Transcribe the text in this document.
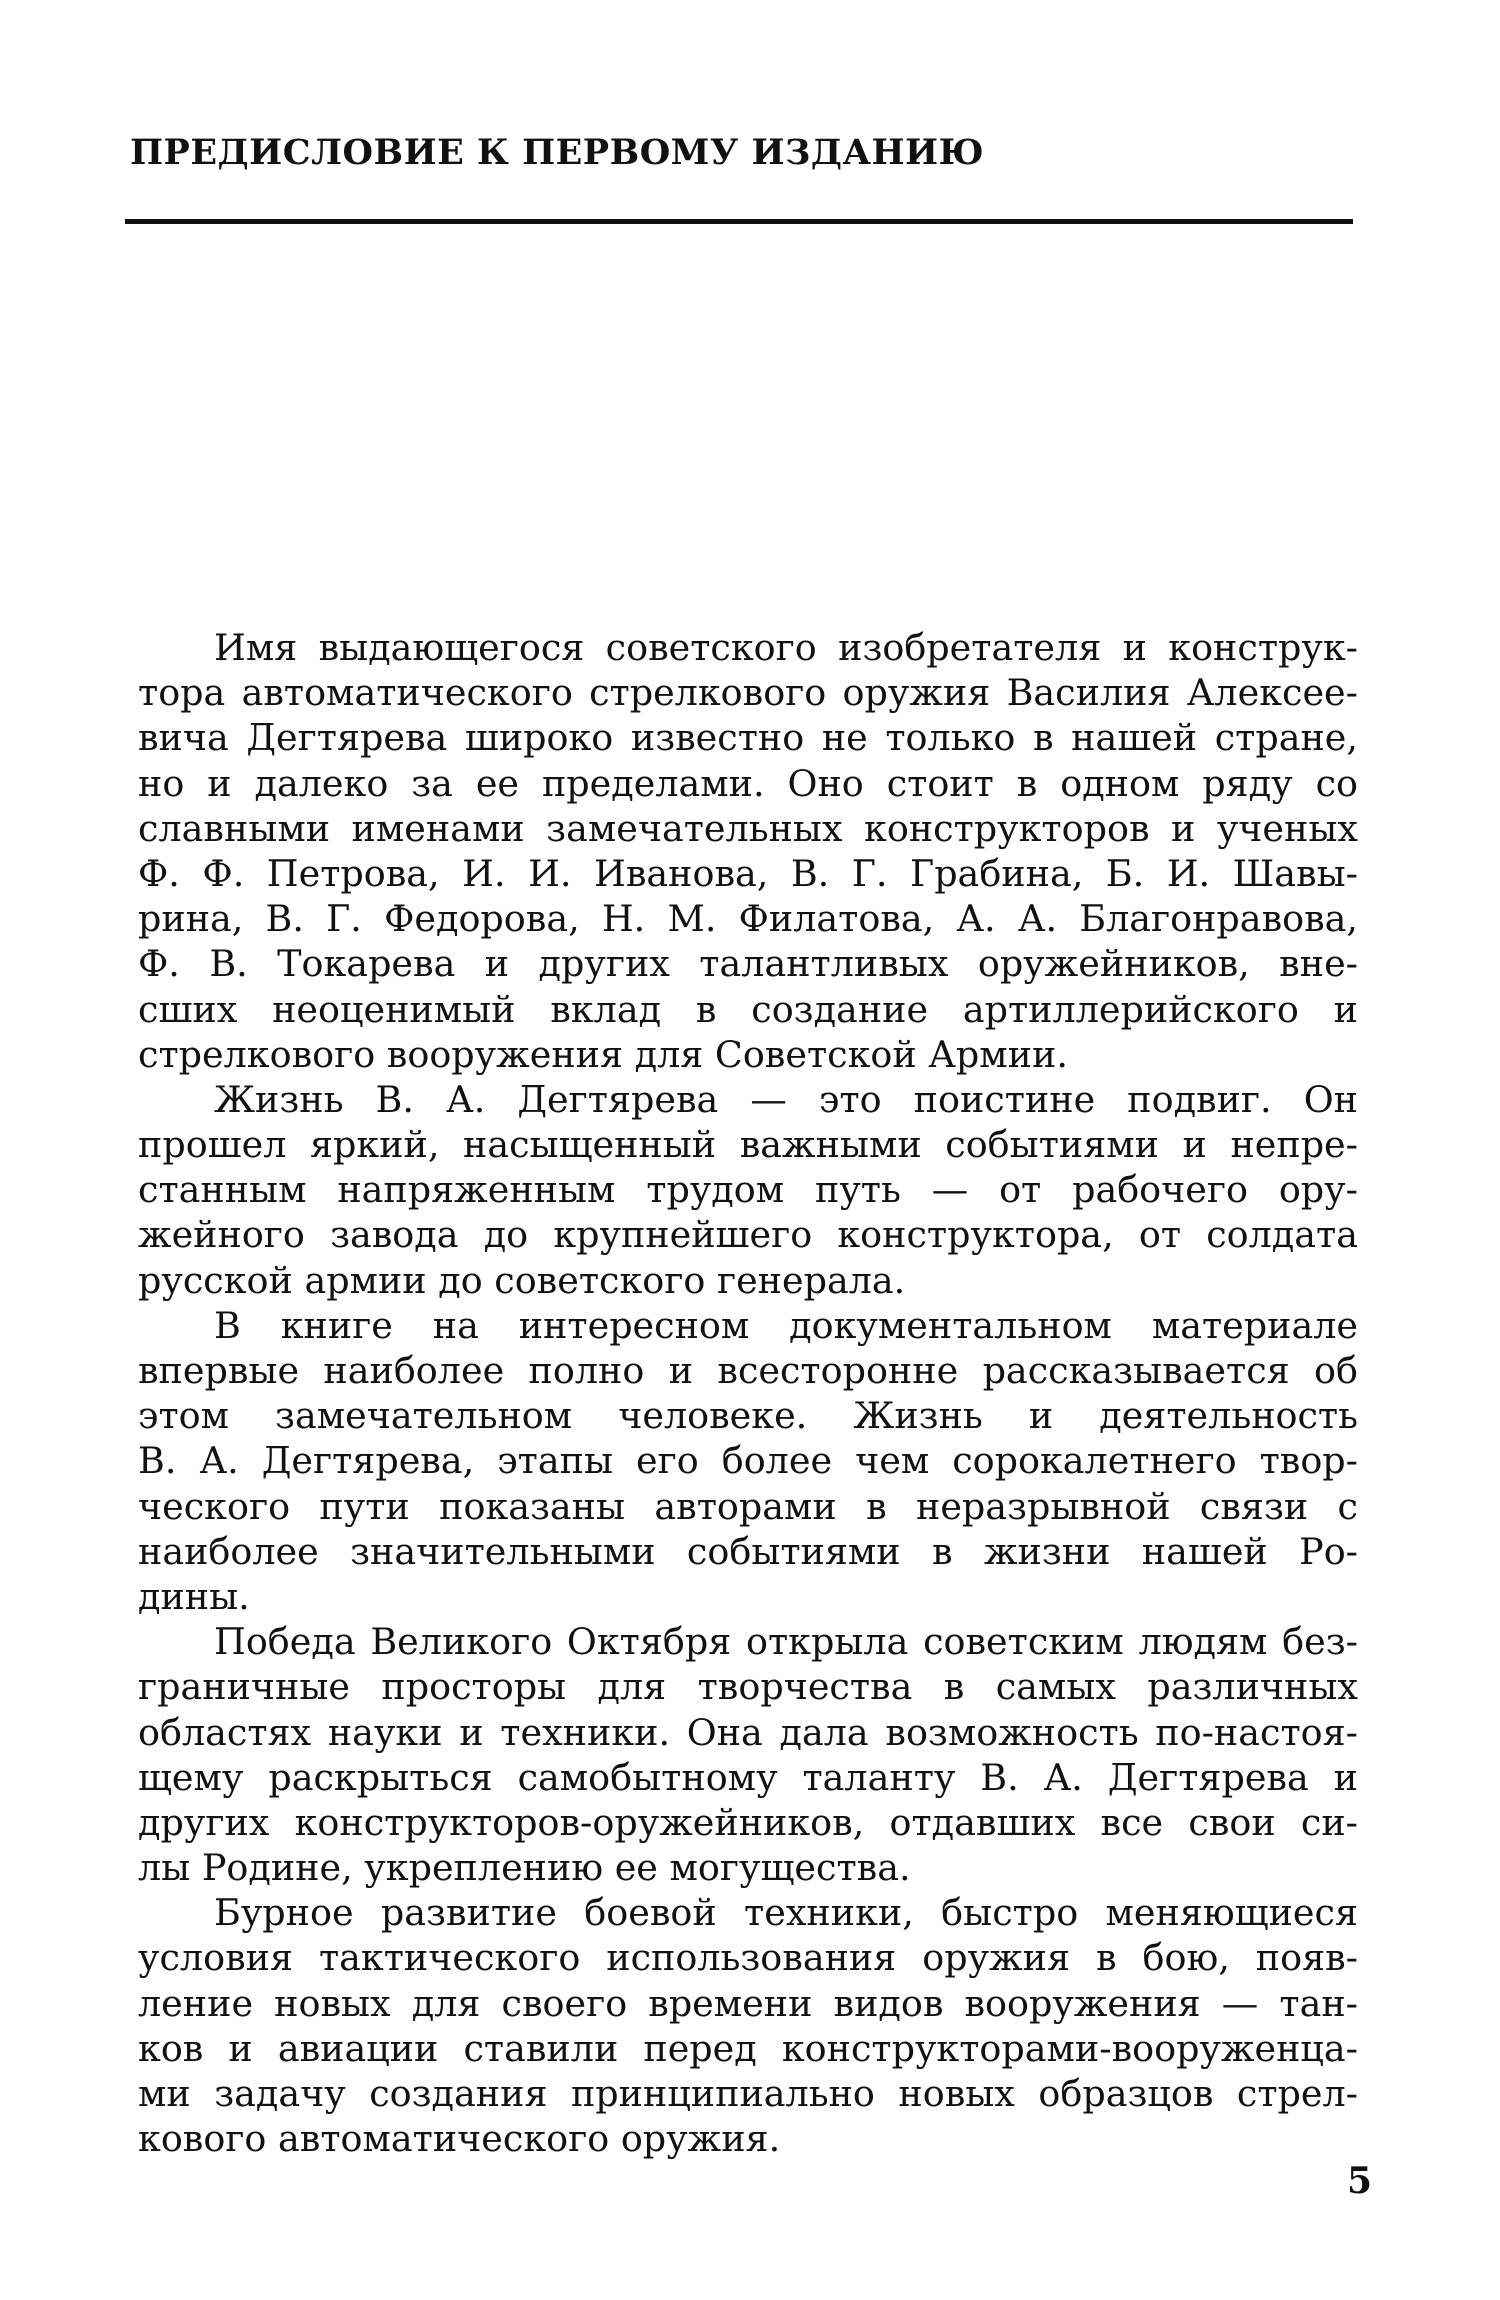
ПРЕДИСЛОВИЕ К ПЕРВОМУ ИЗДАНИЮ
Имя выдающегося советского изобретателя и конструк-
тора автоматического стрелкового оружия Василия Алексее-
вича Дегтярева широко известно не только в нашей стране,
но и далеко за ее пределами. Оно стоит в одном ряду со
славными именами замечательных конструкторов и ученых
Ф. Ф. Петрова, И. И. Иванова, В. Г. Грабина, Б. И. Шавы-
рина, В. Г. Федорова, Н. М. Филатова, А. А. Благонравова,
Ф. В. Токарева и других талантливых оружейников, вне-
сших неоценимый вклад в создание артиллерийского и
стрелкового вооружения для Советской Армии.
Жизнь В. А. Дегтярева — это поистине подвиг. Он
прошел яркий, насыщенный важными событиями и непре-
станным напряженным трудом путь — от рабочего ору-
жейного завода до крупнейшего конструктора, от солдата
русской армии до советского генерала.
В книге на интересном документальном материале
впервые наиболее полно и всесторонне рассказывается об
этом замечательном человеке. Жизнь и деятельность
В. А. Дегтярева, этапы его более чем сорокалетнего твор-
ческого пути показаны авторами в неразрывной связи с
наиболее значительными событиями в жизни нашей Ро-
дины.
Победа Великого Октября открыла советским людям без-
граничные просторы для творчества в самых различных
областях науки и техники. Она дала возможность по-настоя-
щему раскрыться самобытному таланту В. А. Дегтярева и
других конструкторов-оружейников, отдавших все свои си-
лы Родине, укреплению ее могущества.
Бурное развитие боевой техники, быстро меняющиеся
условия тактического использования оружия в бою, появ-
ление новых для своего времени видов вооружения — тан-
ков и авиации ставили перед конструкторами-вооруженца-
ми задачу создания принципиально новых образцов стрел-
кового автоматического оружия.
5
